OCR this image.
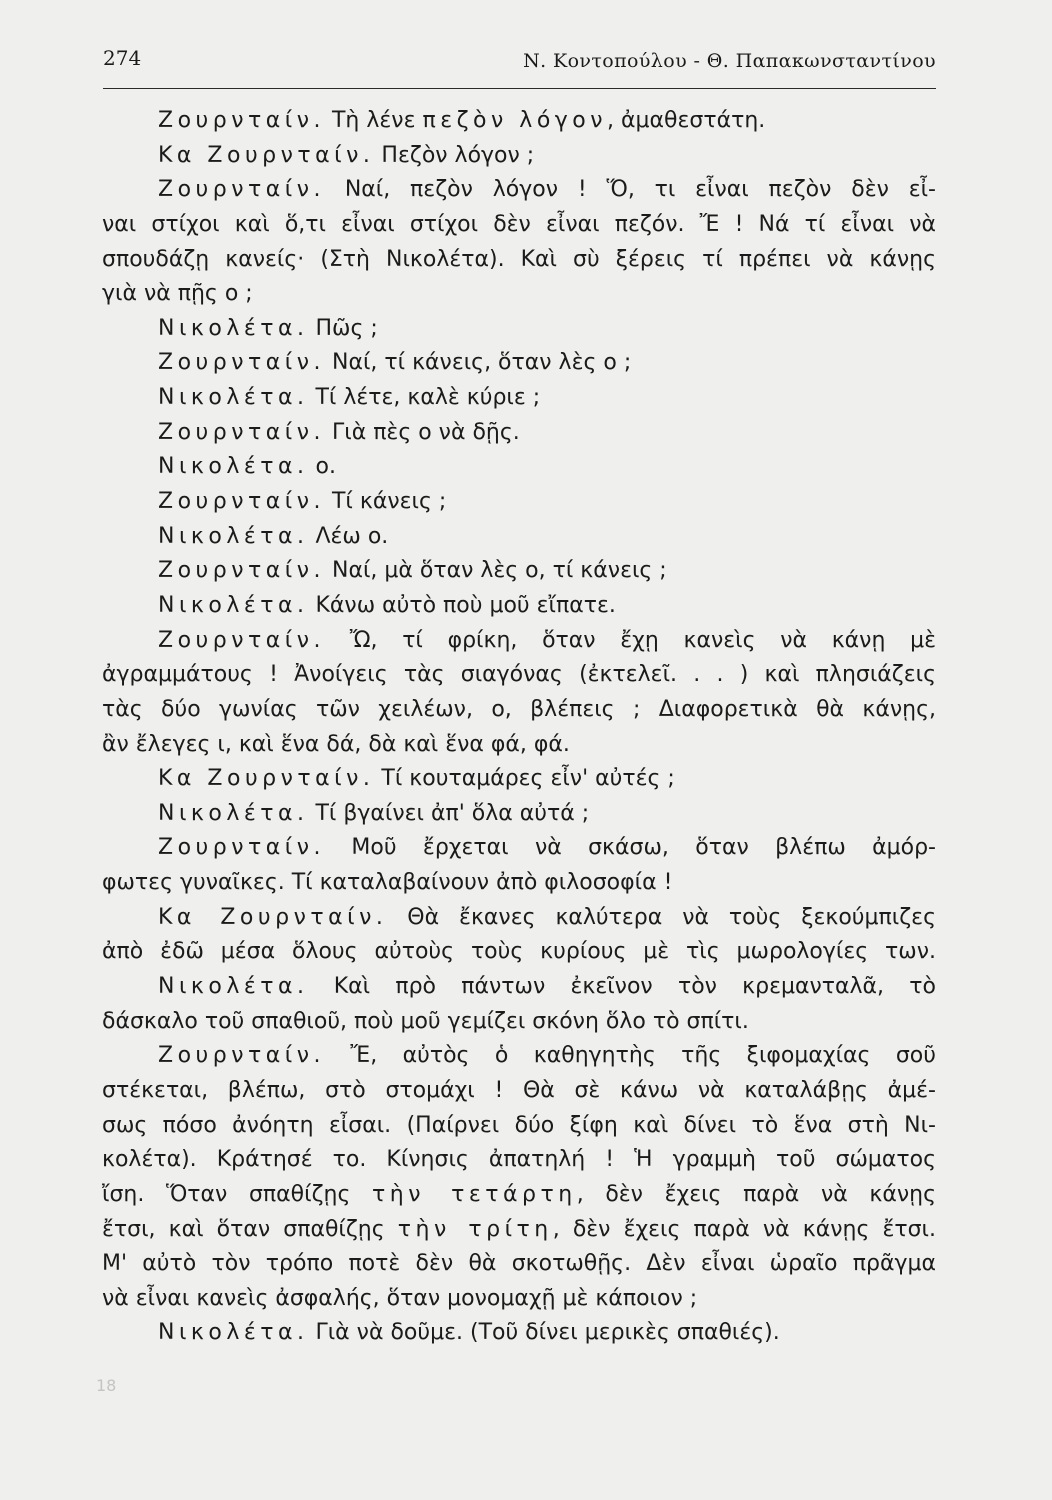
274	Ν. Κοντοπούλου - Θ. Παπακωνσταντίνου
Ζουρνταίν. Τὴ λένε πεζὸν λόγον, ἀμαθεστάτη.
Κα Ζουρνταίν. Πεζὸν λόγον ;
Ζουρνταίν. Ναί, πεζὸν λόγον ! Ὅ, τι εἶναι πεζὸν δὲν εἶ-
ναι στίχοι καὶ ὅ,τι εἶναι στίχοι δὲν εἶναι πεζόν. Ἔ ! Νά τί εἶναι νὰ
σπουδάζῃ κανείς· (Στὴ Νικολέτα). Καὶ σὺ ξέρεις τί πρέπει νὰ κάνῃς
γιὰ νὰ πῇς ο ;
Νικολέτα. Πῶς ;
Ζουρνταίν. Ναί, τί κάνεις, ὅταν λὲς ο ;
Νικολέτα. Τί λέτε, καλὲ κύριε ;
Ζουρνταίν. Γιὰ πὲς ο νὰ δῇς.
Νικολέτα. ο.
Ζουρνταίν. Τί κάνεις ;
Νικολέτα. Λέω ο.
Ζουρνταίν. Ναί, μὰ ὅταν λὲς ο, τί κάνεις ;
Νικολέτα. Κάνω αὐτὸ ποὺ μοῦ εἴπατε.
Ζουρνταίν. Ὤ, τί φρίκη, ὅταν ἔχῃ κανεὶς νὰ κάνῃ μὲ
ἀγραμμάτους ! Ἀνοίγεις τὰς σιαγόνας (ἐκτελεῖ. . . ) καὶ πλησιάζεις
τὰς δύο γωνίας τῶν χειλέων, ο, βλέπεις ; Διαφορετικὰ θὰ κάνῃς,
ἂν ἔλεγες ι, καὶ ἕνα δά, δὰ καὶ ἕνα φά, φά.
Κα Ζουρνταίν. Τί κουταμάρες εἶν' αὐτές ;
Νικολέτα. Τί βγαίνει ἀπ' ὅλα αὐτά ;
Ζουρνταίν. Μοῦ ἔρχεται νὰ σκάσω, ὅταν βλέπω ἀμόρ-
φωτες γυναῖκες. Τί καταλαβαίνουν ἀπὸ φιλοσοφία !
Κα Ζουρνταίν. Θὰ ἔκανες καλύτερα νὰ τοὺς ξεκούμπιζες
ἀπὸ ἐδῶ μέσα ὅλους αὐτοὺς τοὺς κυρίους μὲ τὶς μωρολογίες των.
Νικολέτα. Καὶ πρὸ πάντων ἐκεῖνον τὸν κρεμανταλᾶ, τὸ
δάσκαλο τοῦ σπαθιοῦ, ποὺ μοῦ γεμίζει σκόνη ὅλο τὸ σπίτι.
Ζουρνταίν. Ἔ, αὐτὸς ὁ καθηγητὴς τῆς ξιφομαχίας σοῦ
στέκεται, βλέπω, στὸ στομάχι ! Θὰ σὲ κάνω νὰ καταλάβῃς ἀμέ-
σως πόσο ἀνόητη εἶσαι. (Παίρνει δύο ξίφη καὶ δίνει τὸ ἕνα στὴ Νι-
κολέτα). Κράτησέ το. Κίνησις ἀπατηλή ! Ἡ γραμμὴ τοῦ σώματος
ἴση. Ὅταν σπαθίζῃς τὴν τετάρτη, δὲν ἔχεις παρὰ νὰ κάνῃς
ἔτσι, καὶ ὅταν σπαθίζῃς τὴν τρίτη, δὲν ἔχεις παρὰ νὰ κάνῃς ἔτσι.
Μ' αὐτὸ τὸν τρόπο ποτὲ δὲν θὰ σκοτωθῇς. Δὲν εἶναι ὡραῖο πρᾶγμα
νὰ εἶναι κανεὶς ἀσφαλής, ὅταν μονομαχῇ μὲ κάποιον ;
Νικολέτα. Γιὰ νὰ δοῦμε. (Τοῦ δίνει μερικὲς σπαθιές).
18
